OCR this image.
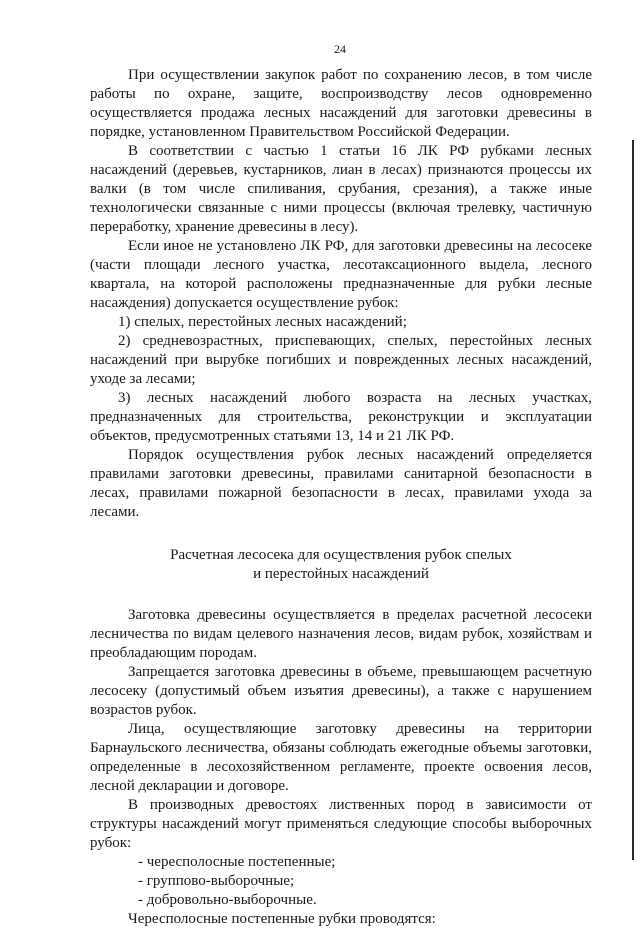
24

При осуществлении закупок работ по сохранению лесов, в том числе работы по охране, защите, воспроизводству лесов одновременно осуществляется продажа лесных насаждений для заготовки древесины в порядке, установленном Правительством Российской Федерации.

В соответствии с частью 1 статьи 16 ЛК РФ рубками лесных насаждений (деревьев, кустарников, лиан в лесах) признаются процессы их валки (в том числе спиливания, срубания, срезания), а также иные технологически связанные с ними процессы (включая трелевку, частичную переработку, хранение древесины в лесу).

Если иное не установлено ЛК РФ, для заготовки древесины на лесосеке (части площади лесного участка, лесотаксационного выдела, лесного квартала, на которой расположены предназначенные для рубки лесные насаждения) допускается осуществление рубок:

1) спелых, перестойных лесных насаждений;

2) средневозрастных, приспевающих, спелых, перестойных лесных насаждений при вырубке погибших и поврежденных лесных насаждений, уходе за лесами;

3) лесных насаждений любого возраста на лесных участках, предназначенных для строительства, реконструкции и эксплуатации объектов, предусмотренных статьями 13, 14 и 21 ЛК РФ.

Порядок осуществления рубок лесных насаждений определяется правилами заготовки древесины, правилами санитарной безопасности в лесах, правилами пожарной безопасности в лесах, правилами ухода за лесами.

Расчетная лесосека для осуществления рубок спелых
и перестойных насаждений

Заготовка древесины осуществляется в пределах расчетной лесосеки лесничества по видам целевого назначения лесов, видам рубок, хозяйствам и преобладающим породам.

Запрещается заготовка древесины в объеме, превышающем расчетную лесосеку (допустимый объем изъятия древесины), а также с нарушением возрастов рубок.

Лица, осуществляющие заготовку древесины на территории Барнаульского лесничества, обязаны соблюдать ежегодные объемы заготовки, определенные в лесохозяйственном регламенте, проекте освоения лесов, лесной декларации и договоре.

В производных древостоях лиственных пород в зависимости от структуры насаждений могут применяться следующие способы выборочных рубок:

- чересполосные постепенные;

- группово-выборочные;

- добровольно-выборочные.

Чересполосные постепенные рубки проводятся:
